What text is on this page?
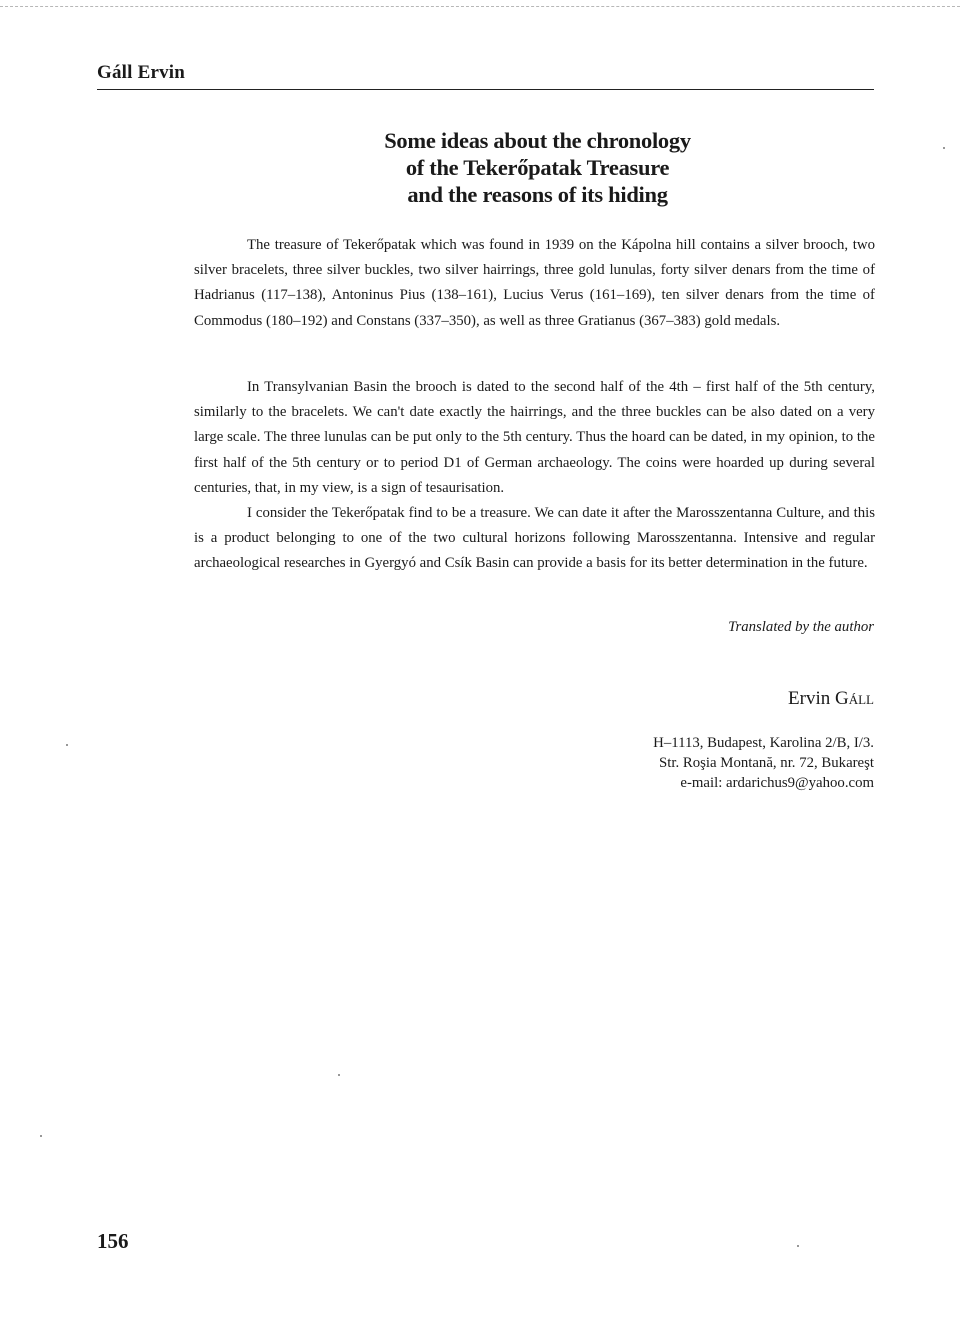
Gáll Ervin
Some ideas about the chronology
of the Tekerőpatak Treasure
and the reasons of its hiding

The treasure of Tekerőpatak which was found in 1939 on the Kápolna hill contains a silver brooch, two silver bracelets, three silver buckles, two silver hairrings, three gold lunulas, forty silver denars from the time of Hadrianus (117–138), Antoninus Pius (138–161), Lucius Verus (161–169), ten silver denars from the time of Commodus (180–192) and Constans (337–350), as well as three Gratianus (367–383) gold medals.

In Transylvanian Basin the brooch is dated to the second half of the 4th – first half of the 5th century, similarly to the bracelets. We can't date exactly the hairrings, and the three buckles can be also dated on a very large scale. The three lunulas can be put only to the 5th century. Thus the hoard can be dated, in my opinion, to the first half of the 5th century or to period D1 of German archaeology. The coins were hoarded up during several centuries, that, in my view, is a sign of tesaurisation.
I consider the Tekerőpatak find to be a treasure. We can date it after the Marosszentanna Culture, and this is a product belonging to one of the two cultural horizons following Marosszentanna. Intensive and regular archaeological researches in Gyergyó and Csík Basin can provide a basis for its better determination in the future.
Translated by the author
Ervin Gáll
H–1113, Budapest, Karolina 2/B, I/3.
Str. Roşia Montană, nr. 72, Bukareşt
e-mail: ardarichus9@yahoo.com
156
